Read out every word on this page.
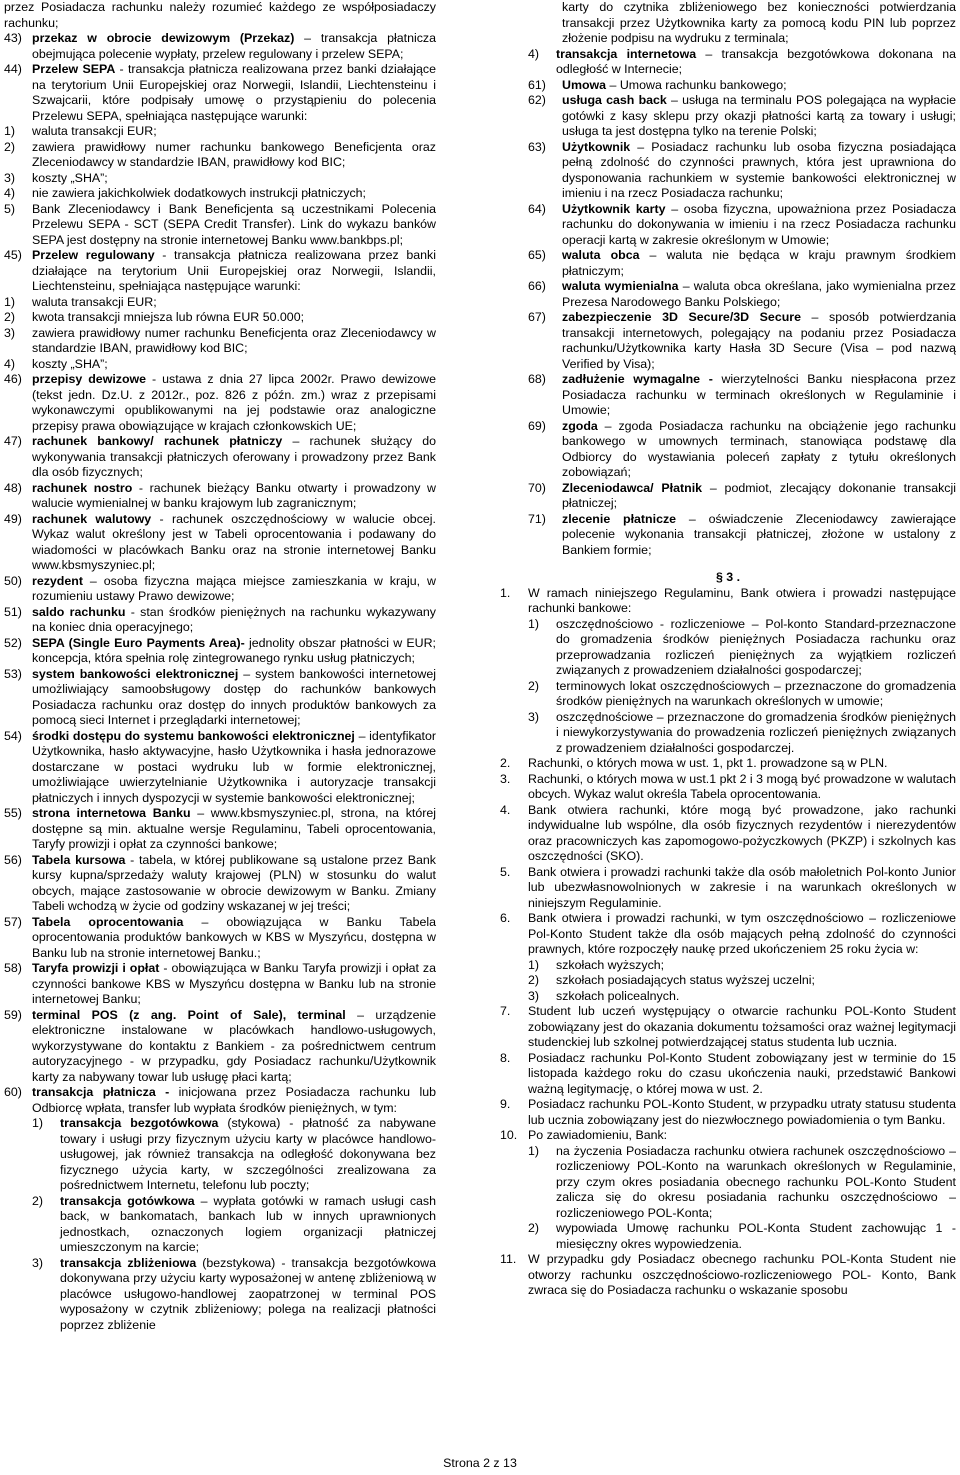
przez Posiadacza rachunku należy rozumieć każdego ze współposiadaczy rachunku;

43) przekaz w obrocie dewizowym (Przekaz) – transakcja płatnicza obejmująca polecenie wypłaty, przelew regulowany i przelew SEPA;

44) Przelew SEPA - transakcja płatnicza realizowana przez banki działające na terytorium Unii Europejskiej oraz Norwegii, Islandii, Liechtensteinu i Szwajcarii, które podpisały umowę o przystąpieniu do polecenia Przelewu SEPA, spełniająca następujące warunki:

1) waluta transakcji EUR;

2) zawiera prawidłowy numer rachunku bankowego Beneficjenta oraz Zleceniodawcy w standardzie IBAN, prawidłowy kod BIC;

3) koszty „SHA”;

4) nie zawiera jakichkolwiek dodatkowych instrukcji płatniczych;

5) Bank Zleceniodawcy i Bank Beneficjenta są uczestnikami Polecenia Przelewu SEPA - SCT (SEPA Credit Transfer). Link do wykazu banków SEPA jest dostępny na stronie internetowej Banku www.bankbps.pl;

45) Przelew regulowany - transakcja płatnicza realizowana przez banki działające na terytorium Unii Europejskiej oraz Norwegii, Islandii, Liechtensteinu, spełniająca następujące warunki:

1) waluta transakcji EUR;

2) kwota transakcji mniejsza lub równa EUR 50.000;

3) zawiera prawidłowy numer rachunku Beneficjenta oraz Zleceniodawcy w standardzie IBAN, prawidłowy kod BIC;

4) koszty „SHA”;

46) przepisy dewizowe - ustawa z dnia 27 lipca 2002r. Prawo dewizowe (tekst jedn. Dz.U. z 2012r., poz. 826 z późn. zm.) wraz z przepisami wykonawczymi opublikowanymi na jej podstawie oraz analogiczne przepisy prawa obowiązujące w krajach członkowskich UE;

47) rachunek bankowy/ rachunek płatniczy – rachunek służący do wykonywania transakcji płatniczych oferowany i prowadzony przez Bank dla osób fizycznych;

48) rachunek nostro - rachunek bieżący Banku otwarty i prowadzony w walucie wymienialnej w banku krajowym lub zagranicznym;

49) rachunek walutowy - rachunek oszczędnościowy w walucie obcej. Wykaz walut określony jest w Tabeli oprocentowania i podawany do wiadomości w placówkach Banku oraz na stronie internetowej Banku www.kbsmyszyniec.pl;

50) rezydent – osoba fizyczna mająca miejsce zamieszkania w kraju, w rozumieniu ustawy Prawo dewizowe;

51) saldo rachunku - stan środków pieniężnych na rachunku wykazywany na koniec dnia operacyjnego;

52) SEPA (Single Euro Payments Area)- jednolity obszar płatności w EUR; koncepcja, która spełnia rolę zintegrowanego rynku usług płatniczych;

53) system bankowości elektronicznej – system bankowości internetowej umożliwiający samoobsługowy dostęp do rachunków bankowych Posiadacza rachunku oraz dostęp do innych produktów bankowych za pomocą sieci Internet i przeglądarki internetowej;

54) środki dostępu do systemu bankowości elektronicznej – identyfikator Użytkownika, hasło aktywacyjne, hasło Użytkownika i hasła jednorazowe dostarczane w postaci wydruku lub w formie elektronicznej, umożliwiające uwierzytelnianie Użytkownika i autoryzacje transakcji płatniczych i innych dyspozycji w systemie bankowości elektronicznej;

55) strona internetowa Banku – www.kbsmyszyniec.pl, strona, na której dostępne są min. aktualne wersje Regulaminu, Tabeli oprocentowania, Taryfy prowizji i opłat za czynności bankowe;

56) Tabela kursowa - tabela, w której publikowane są ustalone przez Bank kursy kupna/sprzedaży waluty krajowej (PLN) w stosunku do walut obcych, mające zastosowanie w obrocie dewizowym w Banku. Zmiany Tabeli wchodzą w życie od godziny wskazanej w jej treści;

57) Tabela oprocentowania – obowiązująca w Banku Tabela oprocentowania produktów bankowych w KBS w Myszyńcu, dostępna w Banku lub na stronie internetowej Banku.;

58) Taryfa prowizji i opłat - obowiązująca w Banku Taryfa prowizji i opłat za czynności bankowe KBS w Myszyńcu dostępna w Banku lub na stronie internetowej Banku;

59) terminal POS (z ang. Point of Sale), terminal – urządzenie elektroniczne instalowane w placówkach handlowo-usługowych, wykorzystywane do kontaktu z Bankiem - za pośrednictwem centrum autoryzacyjnego - w przypadku, gdy Posiadacz rachunku/Użytkownik karty za nabywany towar lub usługę płaci kartą;

60) transakcja płatnicza - inicjowana przez Posiadacza rachunku lub Odbiorcę wpłata, transfer lub wypłata środków pieniężnych, w tym:

1) transakcja bezgotówkowa (stykowa) - płatność za nabywane towary i usługi przy fizycznym użyciu karty w placówce handlowo-usługowej, jak również transakcja na odległość dokonywana bez fizycznego użycia karty, w szczególności zrealizowana za pośrednictwem Internetu, telefonu lub poczty;

2) transakcja gotówkowa – wypłata gotówki w ramach usługi cash back, w bankomatach, bankach lub w innych uprawnionych jednostkach, oznaczonych logiem organizacji płatniczej umieszczonym na karcie;

3) transakcja zbliżeniowa (bezstykowa) - transakcja bezgotówkowa dokonywana przy użyciu karty wyposażonej w antenę zbliżeniową w placówce usługowo-handlowej zaopatrzonej w terminal POS wyposażony w czytnik zbliżeniowy; polega na realizacji płatności poprzez zbliżenie

karty do czytnika zbliżeniowego bez konieczności potwierdzania transakcji przez Użytkownika karty za pomocą kodu PIN lub poprzez złożenie podpisu na wydruku z terminala;

4) transakcja internetowa – transakcja bezgotówkowa dokonana na odległość w Internecie;

61) Umowa – Umowa rachunku bankowego;

62) usługa cash back – usługa na terminalu POS polegająca na wypłacie gotówki z kasy sklepu przy okazji płatności kartą za towary i usługi; usługa ta jest dostępna tylko na terenie Polski;

63) Użytkownik – Posiadacz rachunku lub osoba fizyczna posiadająca pełną zdolność do czynności prawnych, która jest uprawniona do dysponowania rachunkiem w systemie bankowości elektronicznej w imieniu i na rzecz Posiadacza rachunku;

64) Użytkownik karty – osoba fizyczna, upoważniona przez Posiadacza rachunku do dokonywania w imieniu i na rzecz Posiadacza rachunku operacji kartą w zakresie określonym w Umowie;

65) waluta obca – waluta nie będąca w kraju prawnym środkiem płatniczym;

66) waluta wymienialna – waluta obca określana, jako wymienialna przez Prezesa Narodowego Banku Polskiego;

67) zabezpieczenie 3D Secure/3D Secure – sposób potwierdzania transakcji internetowych, polegający na podaniu przez Posiadacza rachunku/Użytkownika karty Hasła 3D Secure (Visa – pod nazwą Verified by Visa);

68) zadłużenie wymagalne - wierzytelności Banku niespłacona przez Posiadacza rachunku w terminach określonych w Regulaminie i Umowie;

69) zgoda – zgoda Posiadacza rachunku na obciążenie jego rachunku bankowego w umownych terminach, stanowiąca podstawę dla Odbiorcy do wystawiania poleceń zapłaty z tytułu określonych zobowiązań;

70) Zleceniodawca/ Płatnik – podmiot, zlecający dokonanie transakcji płatniczej;

71) zlecenie płatnicze – oświadczenie Zleceniodawcy zawierające polecenie wykonania transakcji płatniczej, złożone w ustalony z Bankiem formie;

§ 3 .

1. W ramach niniejszego Regulaminu, Bank otwiera i prowadzi następujące rachunki bankowe:

1) oszczędnościowo - rozliczeniowe – Pol-konto Standard-przeznaczone do gromadzenia środków pieniężnych Posiadacza rachunku oraz przeprowadzania rozliczeń pieniężnych za wyjątkiem rozliczeń związanych z prowadzeniem działalności gospodarczej;

2) terminowych lokat oszczędnościowych – przeznaczone do gromadzenia środków pieniężnych na warunkach określonych w umowie;

3) oszczędnościowe – przeznaczone do gromadzenia środków pieniężnych i niewykorzystywania do prowadzenia rozliczeń pieniężnych związanych z prowadzeniem działalności gospodarczej.

2. Rachunki, o których mowa w ust. 1, pkt 1. prowadzone są w PLN.

3. Rachunki, o których mowa w ust.1 pkt 2 i 3 mogą być prowadzone w walutach obcych. Wykaz walut określa Tabela oprocentowania.

4. Bank otwiera rachunki, które mogą być prowadzone, jako rachunki indywidualne lub wspólne, dla osób fizycznych rezydentów i nierezydentów oraz pracowniczych kas zapomogowo-pożyczkowych (PKZP) i szkolnych kas oszczędności (SKO).

5. Bank otwiera i prowadzi rachunki także dla osób małoletnich Pol-konto Junior lub ubezwłasnowolnionych w zakresie i na warunkach określonych w niniejszym Regulaminie.

6. Bank otwiera i prowadzi rachunki, w tym oszczędnościowo – rozliczeniowe Pol-Konto Student także dla osób mających pełną zdolność do czynności prawnych, które rozpoczęły naukę przed ukończeniem 25 roku życia w:

1) szkołach wyższych;

2) szkołach posiadających status wyższej uczelni;

3) szkołach policealnych.

7. Student lub uczeń występujący o otwarcie rachunku POL-Konto Student zobowiązany jest do okazania dokumentu tożsamości oraz ważnej legitymacji studenckiej lub szkolnej potwierdzającej status studenta lub ucznia.

8. Posiadacz rachunku Pol-Konto Student zobowiązany jest w terminie do 15 listopada każdego roku do czasu ukończenia nauki, przedstawić Bankowi ważną legitymację, o której mowa w ust. 2.

9. Posiadacz rachunku POL-Konto Student, w przypadku utraty statusu studenta lub ucznia zobowiązany jest do niezwłocznego powiadomienia o tym Banku.

10. Po zawiadomieniu, Bank:

1) na życzenia Posiadacza rachunku otwiera rachunek oszczędnościowo – rozliczeniowy POL-Konto na warunkach określonych w Regulaminie, przy czym okres posiadania obecnego rachunku POL-Konto Student zalicza się do okresu posiadania rachunku oszczędnościowo – rozliczeniowego POL-Konta;

2) wypowiada Umowę rachunku POL-Konta Student zachowując 1 - miesięczny okres wypowiedzenia.

11. W przypadku gdy Posiadacz obecnego rachunku POL-Konta Student nie otworzy rachunku oszczędnościowo-rozliczeniowego POL- Konto, Bank zwraca się do Posiadacza rachunku o wskazanie sposobu

Strona 2 z 13
